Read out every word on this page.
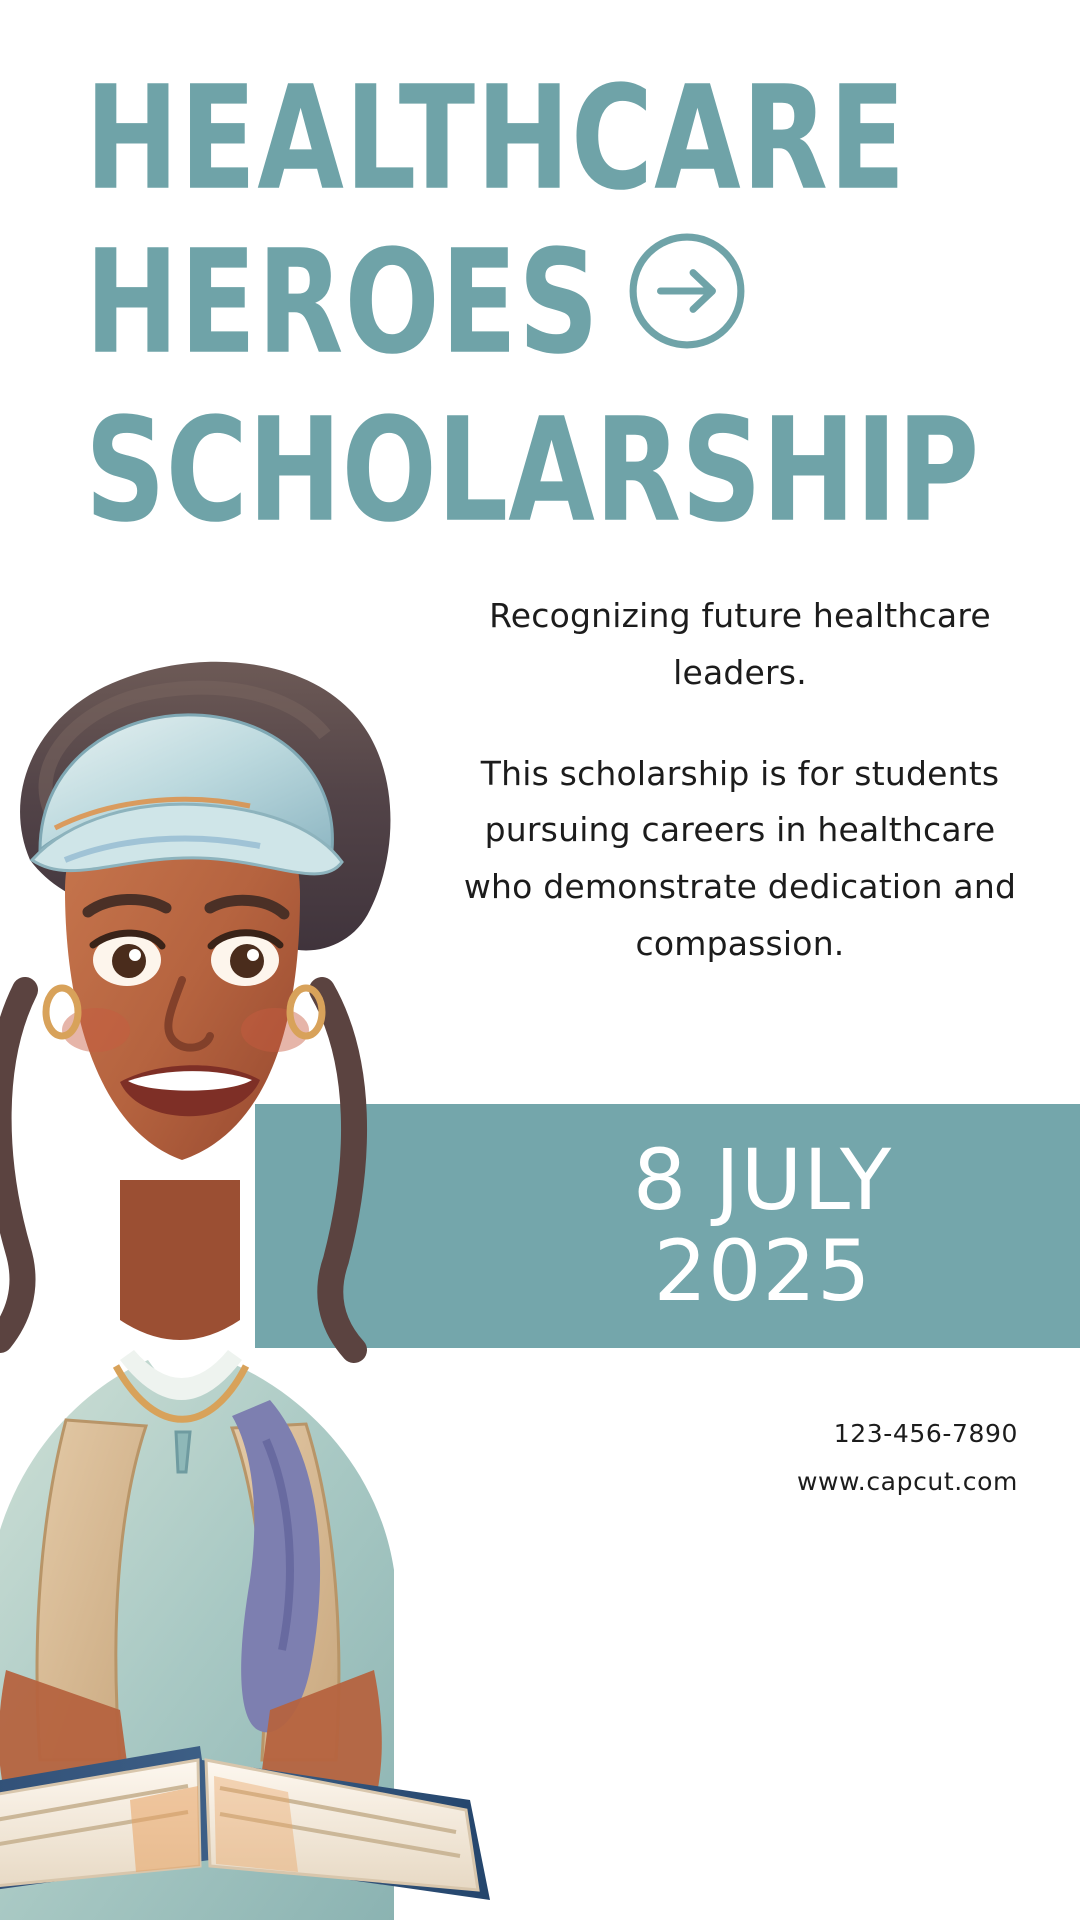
HEALTHCARE
HEROES
SCHOLARSHIP

Recognizing future healthcare leaders.

This scholarship is for students pursuing careers in healthcare who demonstrate dedication and compassion.

8 JULY
2025
123-456-7890
www.capcut.com
